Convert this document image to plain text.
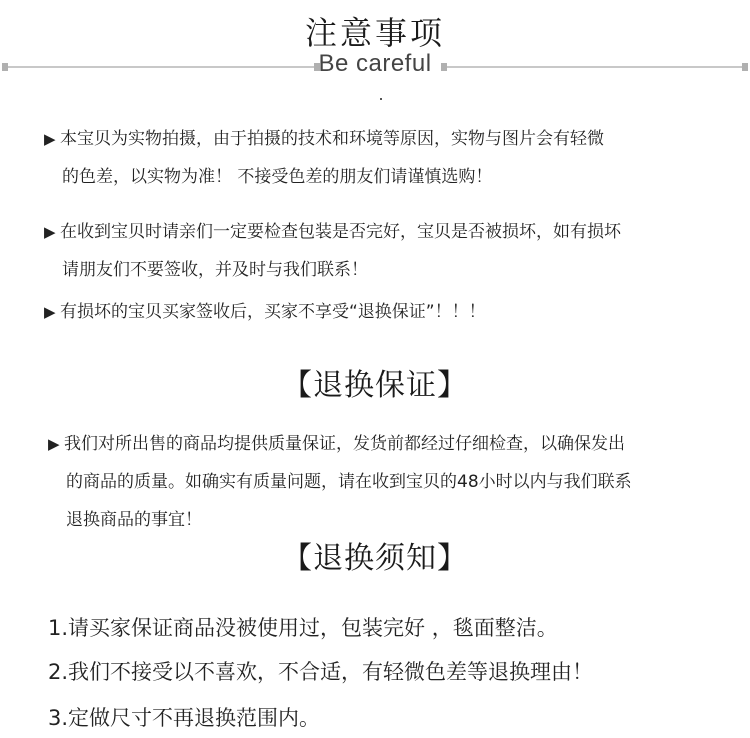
注意事项
Be careful
▶ 本宝贝为实物拍摄，由于拍摄的技术和环境等原因，实物与图片会有轻微
的色差，以实物为准！ 不接受色差的朋友们请谨慎选购！
▶ 在收到宝贝时请亲们一定要检查包装是否完好，宝贝是否被损坏，如有损坏
请朋友们不要签收，并及时与我们联系！
▶ 有损坏的宝贝买家签收后，买家不享受“退换保证”！！！
【退换保证】
▶ 我们对所出售的商品均提供质量保证，发货前都经过仔细检查，以确保发出
的商品的质量。如确实有质量问题，请在收到宝贝的48小时以内与我们联系
退换商品的事宜！
【退换须知】
1.请买家保证商品没被使用过，包装完好 ，毯面整洁。
2.我们不接受以不喜欢，不合适，有轻微色差等退换理由！
3.定做尺寸不再退换范围内。
